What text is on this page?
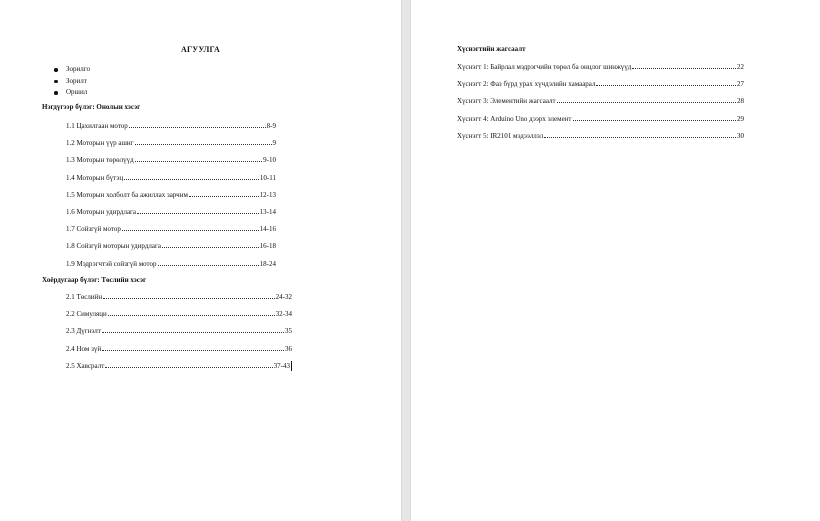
АГУУЛГА
Зорилго
Зорилт
Оршил
Нэгдүгээр бүлэг: Онолын хэсэг
1.1 Цахилгаан мотор	8-9
1.2 Моторын үүр ашиг	9
1.3 Моторын төрөлүүд	9-10
1.4 Моторын бүтэц	10-11
1.5 Моторын холболт ба ажиллах зарчим	12-13
1.6 Моторын удирдлага	13-14
1.7 Сойзгүй мотор	14-16
1.8 Сойзгүй моторын удирдлага	16-18
1.9 Мэдрэгчтэй сойзгүй мотор	18-24
Хоёрдугаар бүлэг: Төслийн хэсэг
2.1 Төслийн	24-32
2.2 Симуляци	32-34
2.3 Дүгнэлт	35
2.4 Ном зүй	36
2.5 Хавсралт	37-43
Хүснэгтийн жагсаалт
Хүснэгт 1: Байрлал мэдрэгчийн төрөл ба онцлог шинжүүд	22
Хүснэгт 2: Фаз бүрд урах хүчдэлийн хамаарал	27
Хүснэгт 3: Элементийн жагсаалт	28
Хүснэгт 4: Arduino Uno дээрх элемент	29
Хүснэгт 5: IR2101 мэдээллэл	30
